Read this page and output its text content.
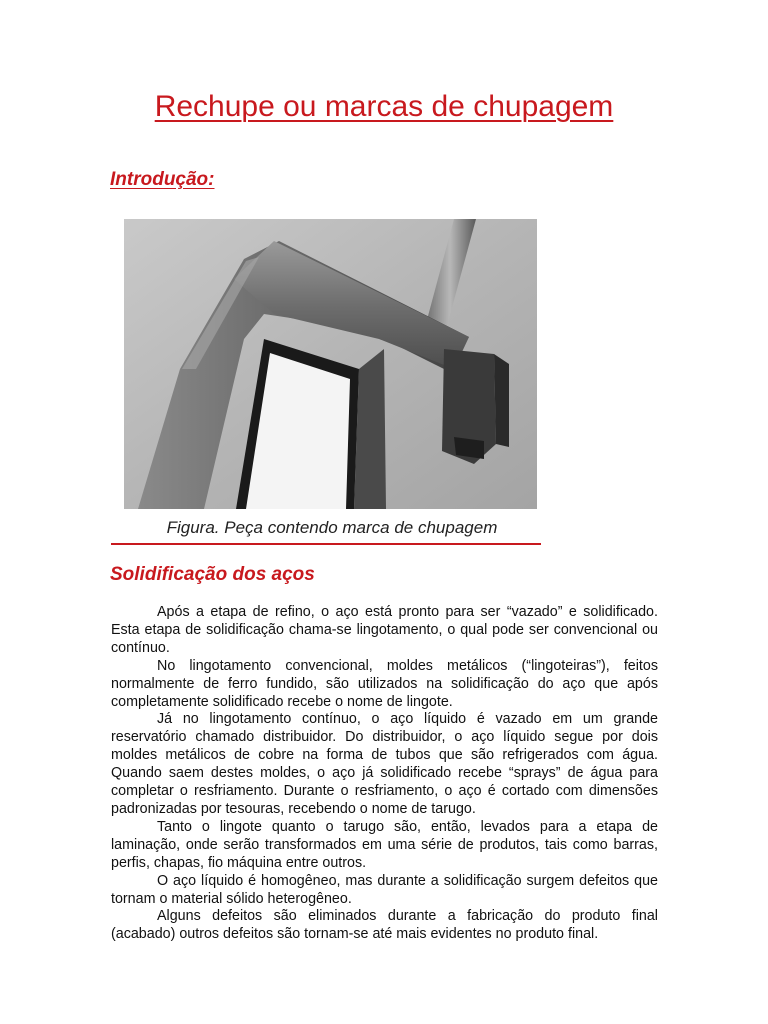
Rechupe ou marcas de chupagem
Introdução:
Figura. Peça contendo marca de chupagem
Solidificação dos aços

Após a etapa de refino, o aço está pronto para ser “vazado” e solidificado. Esta etapa de solidificação chama-se lingotamento, o qual pode ser convencional ou contínuo.

No lingotamento convencional, moldes metálicos (“lingoteiras”), feitos normalmente de ferro fundido, são utilizados na solidificação do aço que após completamente solidificado recebe o nome de lingote.

Já no lingotamento contínuo, o aço líquido é vazado em um grande reservatório chamado distribuidor. Do distribuidor, o aço líquido segue por dois moldes metálicos de cobre na forma de tubos que são refrigerados com água. Quando saem destes moldes, o aço já solidificado recebe “sprays” de água para completar o resfriamento. Durante o resfriamento, o aço é cortado com dimensões padronizadas por tesouras, recebendo o nome de tarugo.

Tanto o lingote quanto o tarugo são, então, levados para a etapa de laminação, onde serão transformados em uma série de produtos, tais como barras, perfis, chapas, fio máquina entre outros.

O aço líquido é homogêneo, mas durante a solidificação surgem defeitos que tornam o material sólido heterogêneo.

Alguns defeitos são eliminados durante a fabricação do produto final (acabado) outros defeitos são tornam-se até mais evidentes no produto final.
